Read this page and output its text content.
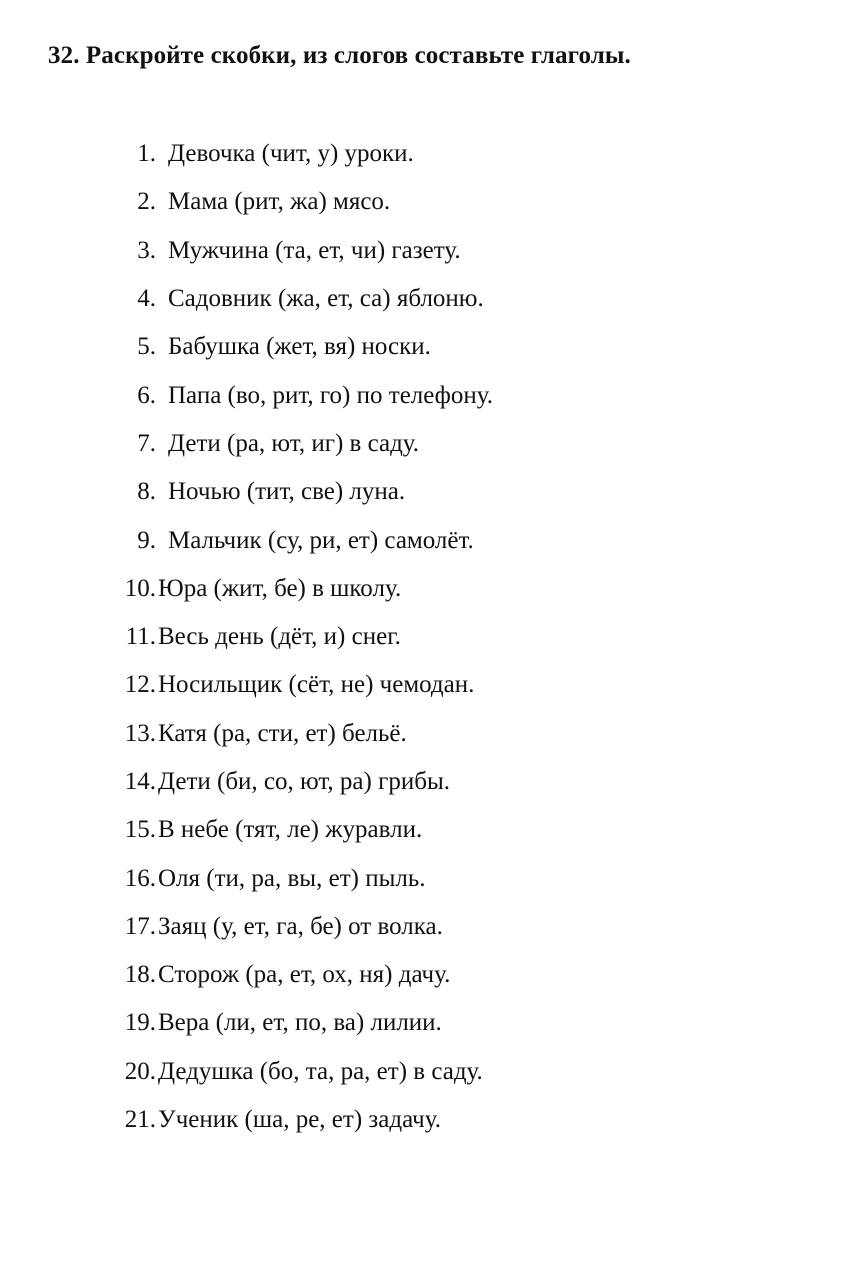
32. Раскройте скобки, из слогов составьте глаголы.
1. Девочка (чит, у) уроки.
2. Мама (рит, жа) мясо.
3. Мужчина (та, ет, чи) газету.
4. Садовник (жа, ет, са) яблоню.
5. Бабушка (жет, вя) носки.
6. Папа (во, рит, го) по телефону.
7. Дети (ра, ют, иг) в саду.
8. Ночью (тит, све) луна.
9. Мальчик (су, ри, ет) самолёт.
10. Юра (жит, бе) в школу.
11. Весь день (дёт, и) снег.
12. Носильщик (сёт, не) чемодан.
13. Катя (ра, сти, ет) бельё.
14. Дети (би, со, ют, ра) грибы.
15. В небе (тят, ле) журавли.
16. Оля (ти, ра, вы, ет) пыль.
17. Заяц (у, ет, га, бе) от волка.
18. Сторож (ра, ет, ох, ня) дачу.
19. Вера (ли, ет, по, ва) лилии.
20. Дедушка (бо, та, ра, ет) в саду.
21. Ученик (ша, ре, ет) задачу.
